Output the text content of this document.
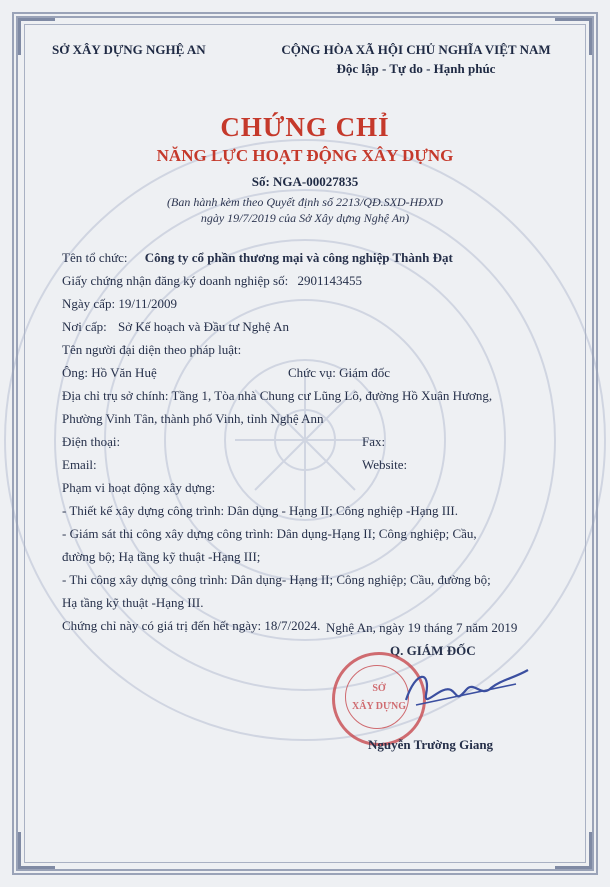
SỞ XÂY DỰNG NGHỆ AN	CỘNG HÒA XÃ HỘI CHỦ NGHĨA VIỆT NAM
Độc lập - Tự do - Hạnh phúc
CHỨNG CHỈ
NĂNG LỰC HOẠT ĐỘNG XÂY DỰNG
Số: NGA-00027835
(Ban hành kèm theo Quyết định số 2213/QĐ.SXD-HĐXD
ngày 19/7/2019 của Sở Xây dựng Nghệ An)
Tên tổ chức: Công ty cổ phần thương mại và công nghiệp Thành Đạt
Giấy chứng nhận đăng ký doanh nghiệp số: 2901143455
Ngày cấp: 19/11/2009
Nơi cấp: Sở Kế hoạch và Đầu tư Nghệ An
Tên người đại diện theo pháp luật:
Ông: Hồ Văn Huệ	Chức vụ: Giám đốc
Địa chỉ trụ sở chính: Tầng 1, Tòa nhà Chung cư Lũng Lô, đường Hồ Xuân Hương,
Phường Vinh Tân, thành phố Vinh, tỉnh Nghệ Ann
Điện thoại:	Fax:
Email:	Website:
Phạm vi hoạt động xây dựng:
- Thiết kế xây dựng công trình: Dân dụng - Hạng II; Công nghiệp -Hạng III.
- Giám sát thi công xây dựng công trình: Dân dụng-Hạng II; Công nghiệp; Cầu,
đường bộ; Hạ tầng kỹ thuật -Hạng III;
- Thi công xây dựng công trình: Dân dụng- Hạng II; Công nghiệp; Cầu, đường bộ;
Hạ tầng kỹ thuật -Hạng III.
Chứng chỉ này có giá trị đến hết ngày: 18/7/2024. Nghệ An, ngày 19 tháng 7 năm 2019
Q. GIÁM ĐỐC
SỞ
XÂY DỰNG
Nguyễn Trường Giang
